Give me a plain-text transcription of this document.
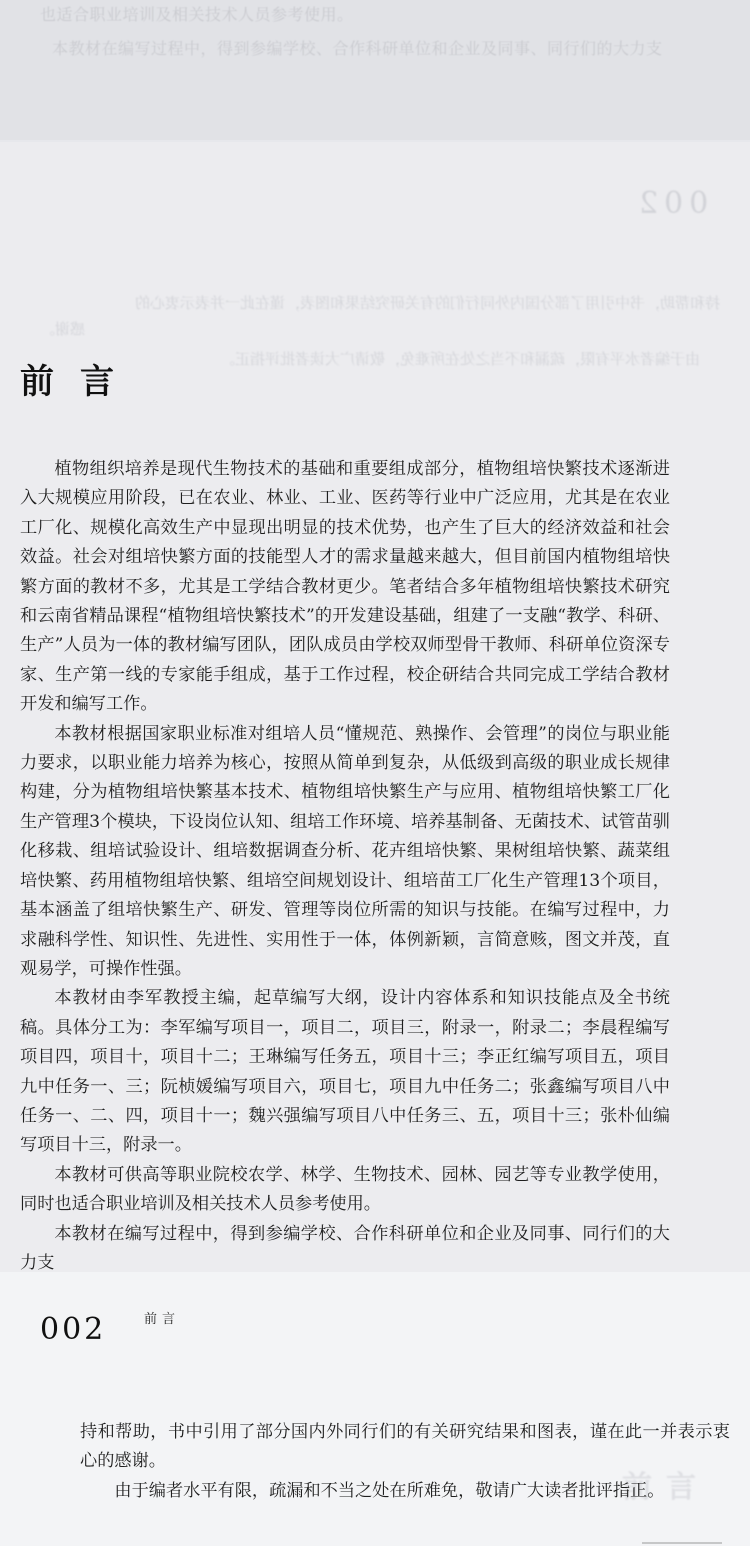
也适合职业培训及相关技术人员参考使用。
本教材在编写过程中，得到参编学校、合作科研单位和企业及同事、同行们的大力支
002
持和帮助，书中引用了部分国内外同行们的有关研究结果和图表，谨在此一并表示衷心的
感谢。
由于编者水平有限，疏漏和不当之处在所难免，敬请广大读者批评指正。
前言

植物组织培养是现代生物技术的基础和重要组成部分，植物组培快繁技术逐渐进入大规模应用阶段，已在农业、林业、工业、医药等行业中广泛应用，尤其是在农业工厂化、规模化高效生产中显现出明显的技术优势，也产生了巨大的经济效益和社会效益。社会对组培快繁方面的技能型人才的需求量越来越大，但目前国内植物组培快繁方面的教材不多，尤其是工学结合教材更少。笔者结合多年植物组培快繁技术研究和云南省精品课程“植物组培快繁技术”的开发建设基础，组建了一支融“教学、科研、生产”人员为一体的教材编写团队，团队成员由学校双师型骨干教师、科研单位资深专家、生产第一线的专家能手组成，基于工作过程，校企研结合共同完成工学结合教材开发和编写工作。

本教材根据国家职业标准对组培人员“懂规范、熟操作、会管理”的岗位与职业能力要求，以职业能力培养为核心，按照从简单到复杂，从低级到高级的职业成长规律构建，分为植物组培快繁基本技术、植物组培快繁生产与应用、植物组培快繁工厂化生产管理3个模块，下设岗位认知、组培工作环境、培养基制备、无菌技术、试管苗驯化移栽、组培试验设计、组培数据调查分析、花卉组培快繁、果树组培快繁、蔬菜组培快繁、药用植物组培快繁、组培空间规划设计、组培苗工厂化生产管理13个项目，基本涵盖了组培快繁生产、研发、管理等岗位所需的知识与技能。在编写过程中，力求融科学性、知识性、先进性、实用性于一体，体例新颖，言简意赅，图文并茂，直观易学，可操作性强。

本教材由李军教授主编，起草编写大纲，设计内容体系和知识技能点及全书统稿。具体分工为：李军编写项目一，项目二，项目三，附录一，附录二；李晨程编写项目四，项目十，项目十二；王琳编写任务五，项目十三；李正红编写项目五，项目九中任务一、三；阮桢媛编写项目六，项目七，项目九中任务二；张鑫编写项目八中任务一、二、四，项目十一；魏兴强编写项目八中任务三、五，项目十三；张朴仙编写项目十三，附录一。

本教材可供高等职业院校农学、林学、生物技术、园林、园艺等专业教学使用，同时也适合职业培训及相关技术人员参考使用。

本教材在编写过程中，得到参编学校、合作科研单位和企业及同事、同行们的大力支

002	前言
前言

持和帮助，书中引用了部分国内外同行们的有关研究结果和图表，谨在此一并表示衷心的感谢。

由于编者水平有限，疏漏和不当之处在所难免，敬请广大读者批评指正。
